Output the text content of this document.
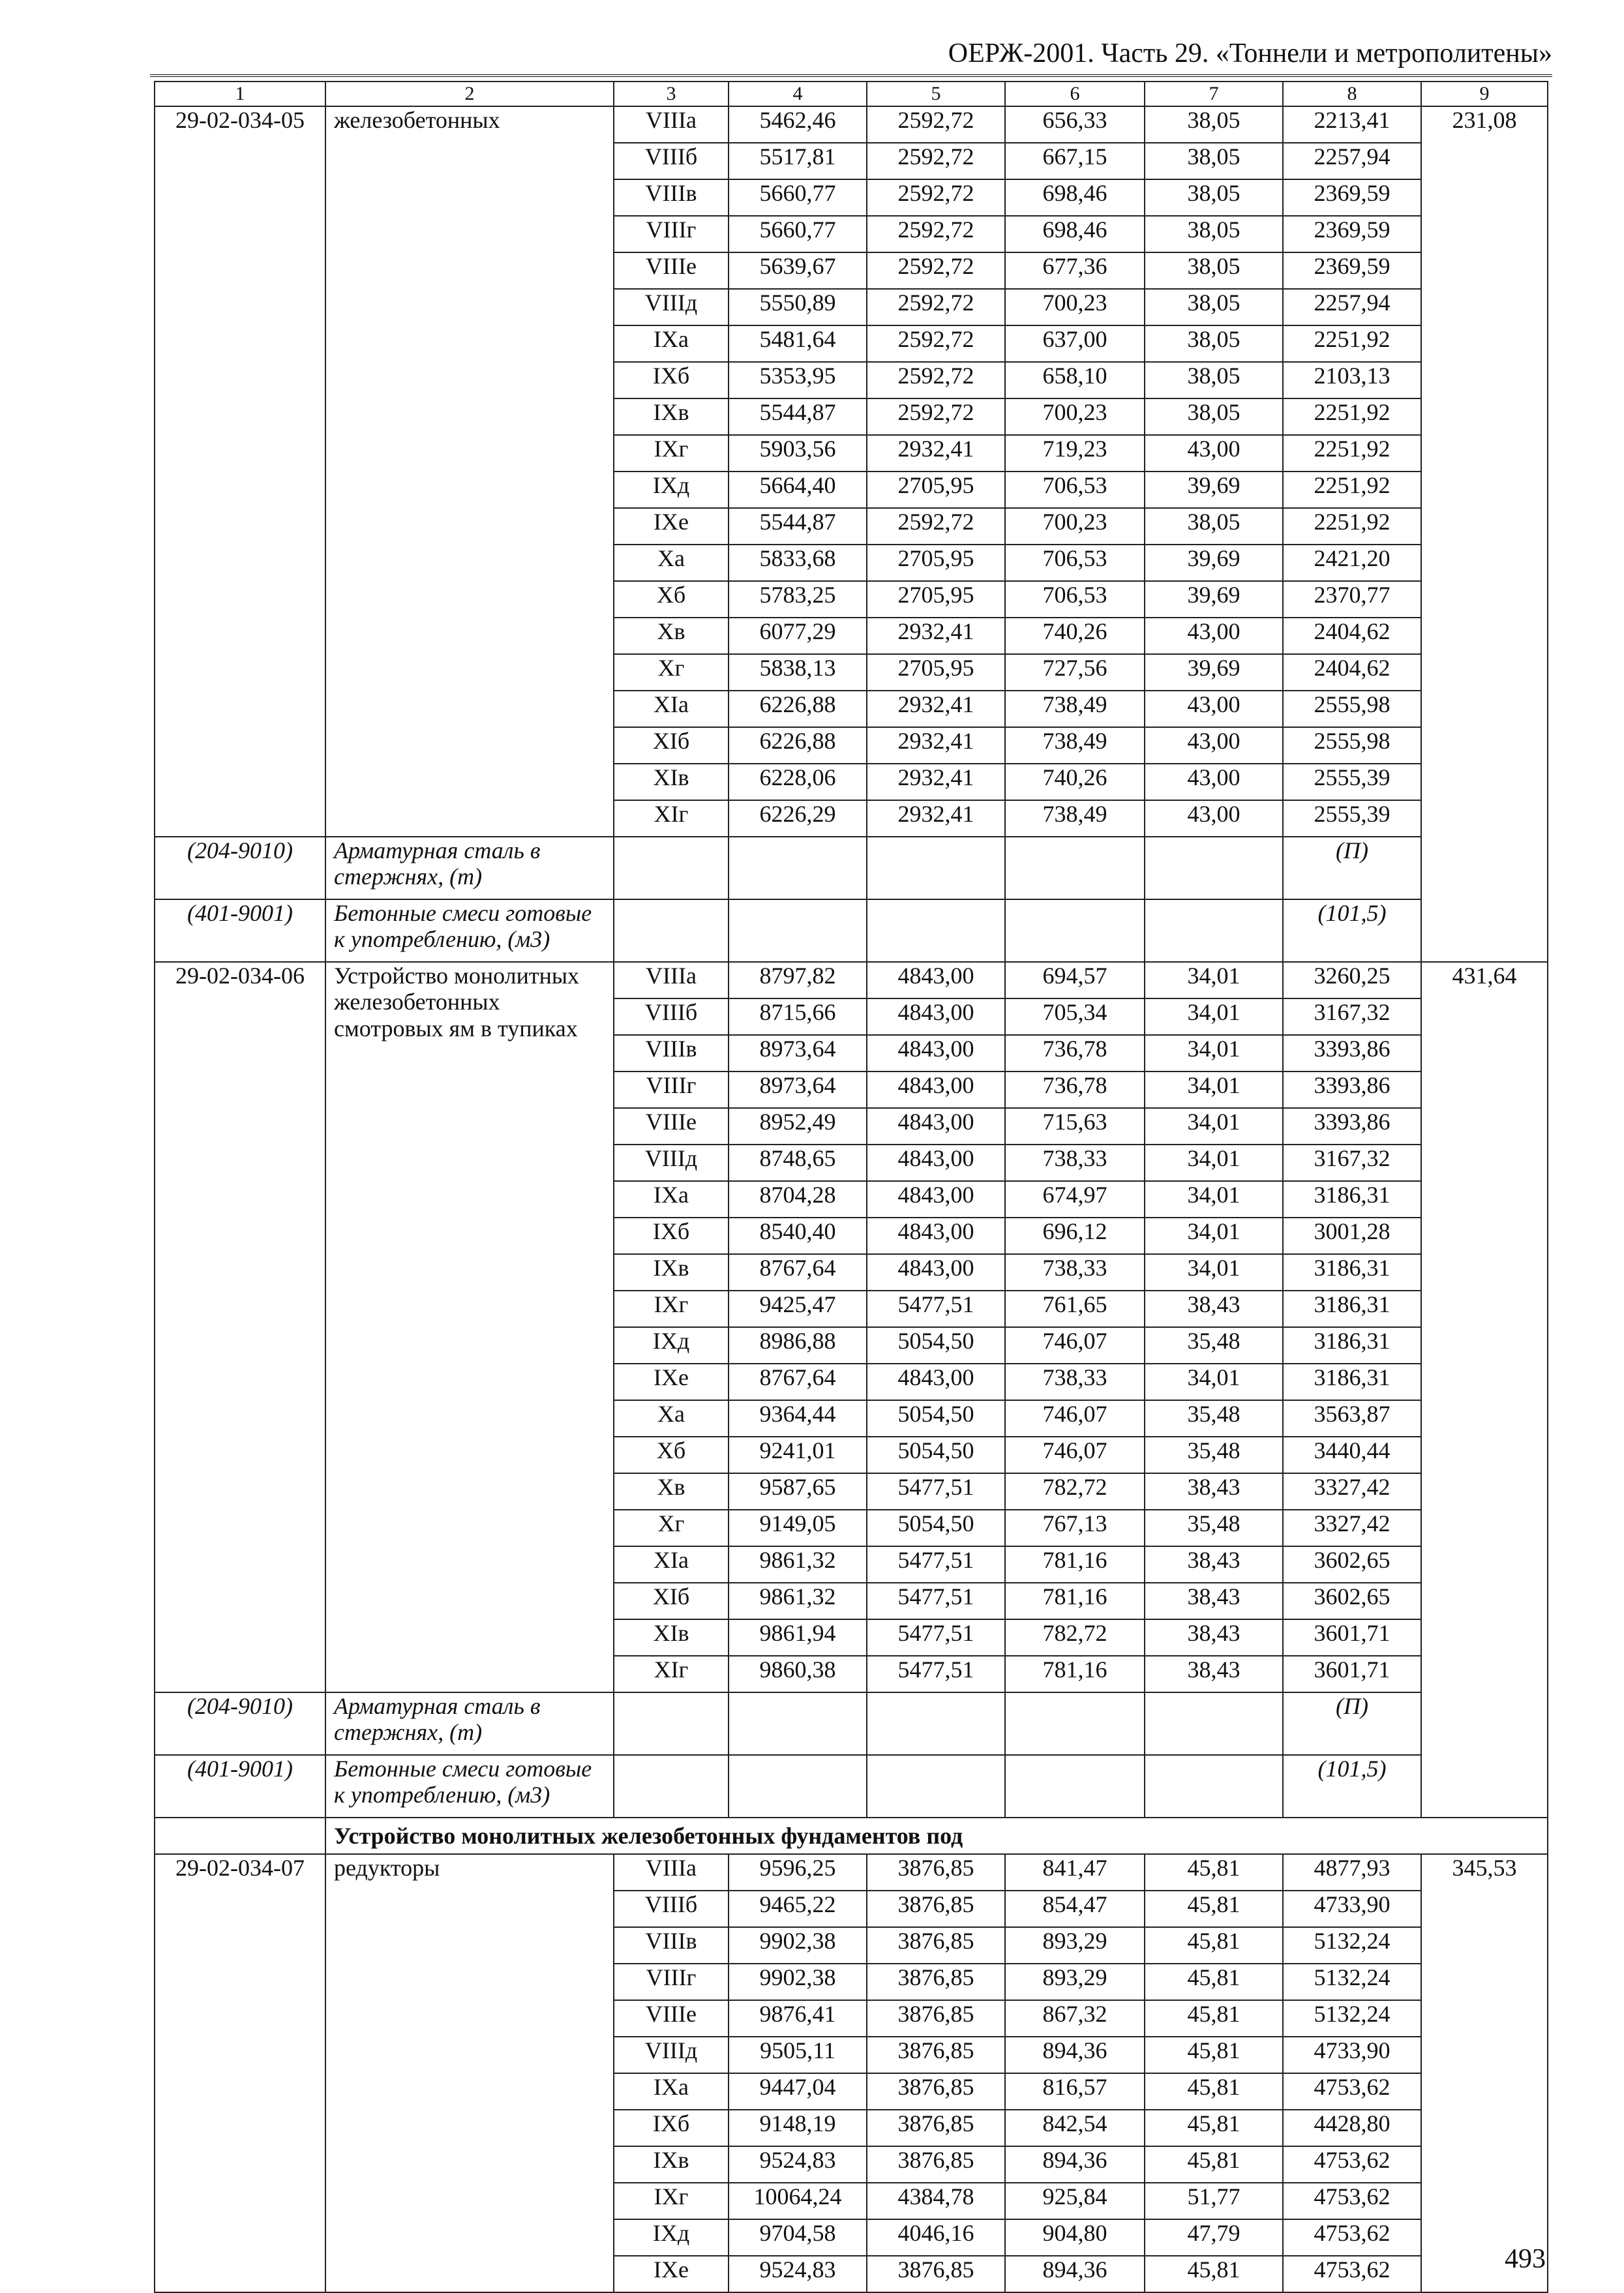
ОЕРЖ-2001. Часть 29. «Тоннели и метрополитены»
1	2	3	4	5	6	7	8	9
29-02-034-05	железобетонных	VIIIа	5462,46	2592,72	656,33	38,05	2213,41	231,08
		VIIIб	5517,81	2592,72	667,15	38,05	2257,94	
		VIIIв	5660,77	2592,72	698,46	38,05	2369,59	
		VIIIг	5660,77	2592,72	698,46	38,05	2369,59	
		VIIIе	5639,67	2592,72	677,36	38,05	2369,59	
		VIIIд	5550,89	2592,72	700,23	38,05	2257,94	
		IXа	5481,64	2592,72	637,00	38,05	2251,92	
		IXб	5353,95	2592,72	658,10	38,05	2103,13	
		IXв	5544,87	2592,72	700,23	38,05	2251,92	
		IXг	5903,56	2932,41	719,23	43,00	2251,92	
		IXд	5664,40	2705,95	706,53	39,69	2251,92	
		IXе	5544,87	2592,72	700,23	38,05	2251,92	
		Xа	5833,68	2705,95	706,53	39,69	2421,20	
		Xб	5783,25	2705,95	706,53	39,69	2370,77	
		Xв	6077,29	2932,41	740,26	43,00	2404,62	
		Xг	5838,13	2705,95	727,56	39,69	2404,62	
		XIа	6226,88	2932,41	738,49	43,00	2555,98	
		XIб	6226,88	2932,41	738,49	43,00	2555,98	
		XIв	6228,06	2932,41	740,26	43,00	2555,39	
		XIг	6226,29	2932,41	738,49	43,00	2555,39	
(204-9010)	Арматурная сталь в стержнях, (т)						(П)	
(401-9001)	Бетонные смеси готовые к употреблению, (м3)						(101,5)	
29-02-034-06	Устройство монолитных железобетонных смотровых ям в тупиках	VIIIа	8797,82	4843,00	694,57	34,01	3260,25	431,64
		VIIIб	8715,66	4843,00	705,34	34,01	3167,32	
		VIIIв	8973,64	4843,00	736,78	34,01	3393,86	
		VIIIг	8973,64	4843,00	736,78	34,01	3393,86	
		VIIIе	8952,49	4843,00	715,63	34,01	3393,86	
		VIIIд	8748,65	4843,00	738,33	34,01	3167,32	
		IXа	8704,28	4843,00	674,97	34,01	3186,31	
		IXб	8540,40	4843,00	696,12	34,01	3001,28	
		IXв	8767,64	4843,00	738,33	34,01	3186,31	
		IXг	9425,47	5477,51	761,65	38,43	3186,31	
		IXд	8986,88	5054,50	746,07	35,48	3186,31	
		IXе	8767,64	4843,00	738,33	34,01	3186,31	
		Xа	9364,44	5054,50	746,07	35,48	3563,87	
		Xб	9241,01	5054,50	746,07	35,48	3440,44	
		Xв	9587,65	5477,51	782,72	38,43	3327,42	
		Xг	9149,05	5054,50	767,13	35,48	3327,42	
		XIа	9861,32	5477,51	781,16	38,43	3602,65	
		XIб	9861,32	5477,51	781,16	38,43	3602,65	
		XIв	9861,94	5477,51	782,72	38,43	3601,71	
		XIг	9860,38	5477,51	781,16	38,43	3601,71	
(204-9010)	Арматурная сталь в стержнях, (т)						(П)	
(401-9001)	Бетонные смеси готовые к употреблению, (м3)						(101,5)	
	Устройство монолитных железобетонных фундаментов под							
29-02-034-07	редукторы	VIIIа	9596,25	3876,85	841,47	45,81	4877,93	345,53
		VIIIб	9465,22	3876,85	854,47	45,81	4733,90	
		VIIIв	9902,38	3876,85	893,29	45,81	5132,24	
		VIIIг	9902,38	3876,85	893,29	45,81	5132,24	
		VIIIе	9876,41	3876,85	867,32	45,81	5132,24	
		VIIIд	9505,11	3876,85	894,36	45,81	4733,90	
		IXа	9447,04	3876,85	816,57	45,81	4753,62	
		IXб	9148,19	3876,85	842,54	45,81	4428,80	
		IXв	9524,83	3876,85	894,36	45,81	4753,62	
		IXг	10064,24	4384,78	925,84	51,77	4753,62	
		IXд	9704,58	4046,16	904,80	47,79	4753,62	
		IXе	9524,83	3876,85	894,36	45,81	4753,62		493
